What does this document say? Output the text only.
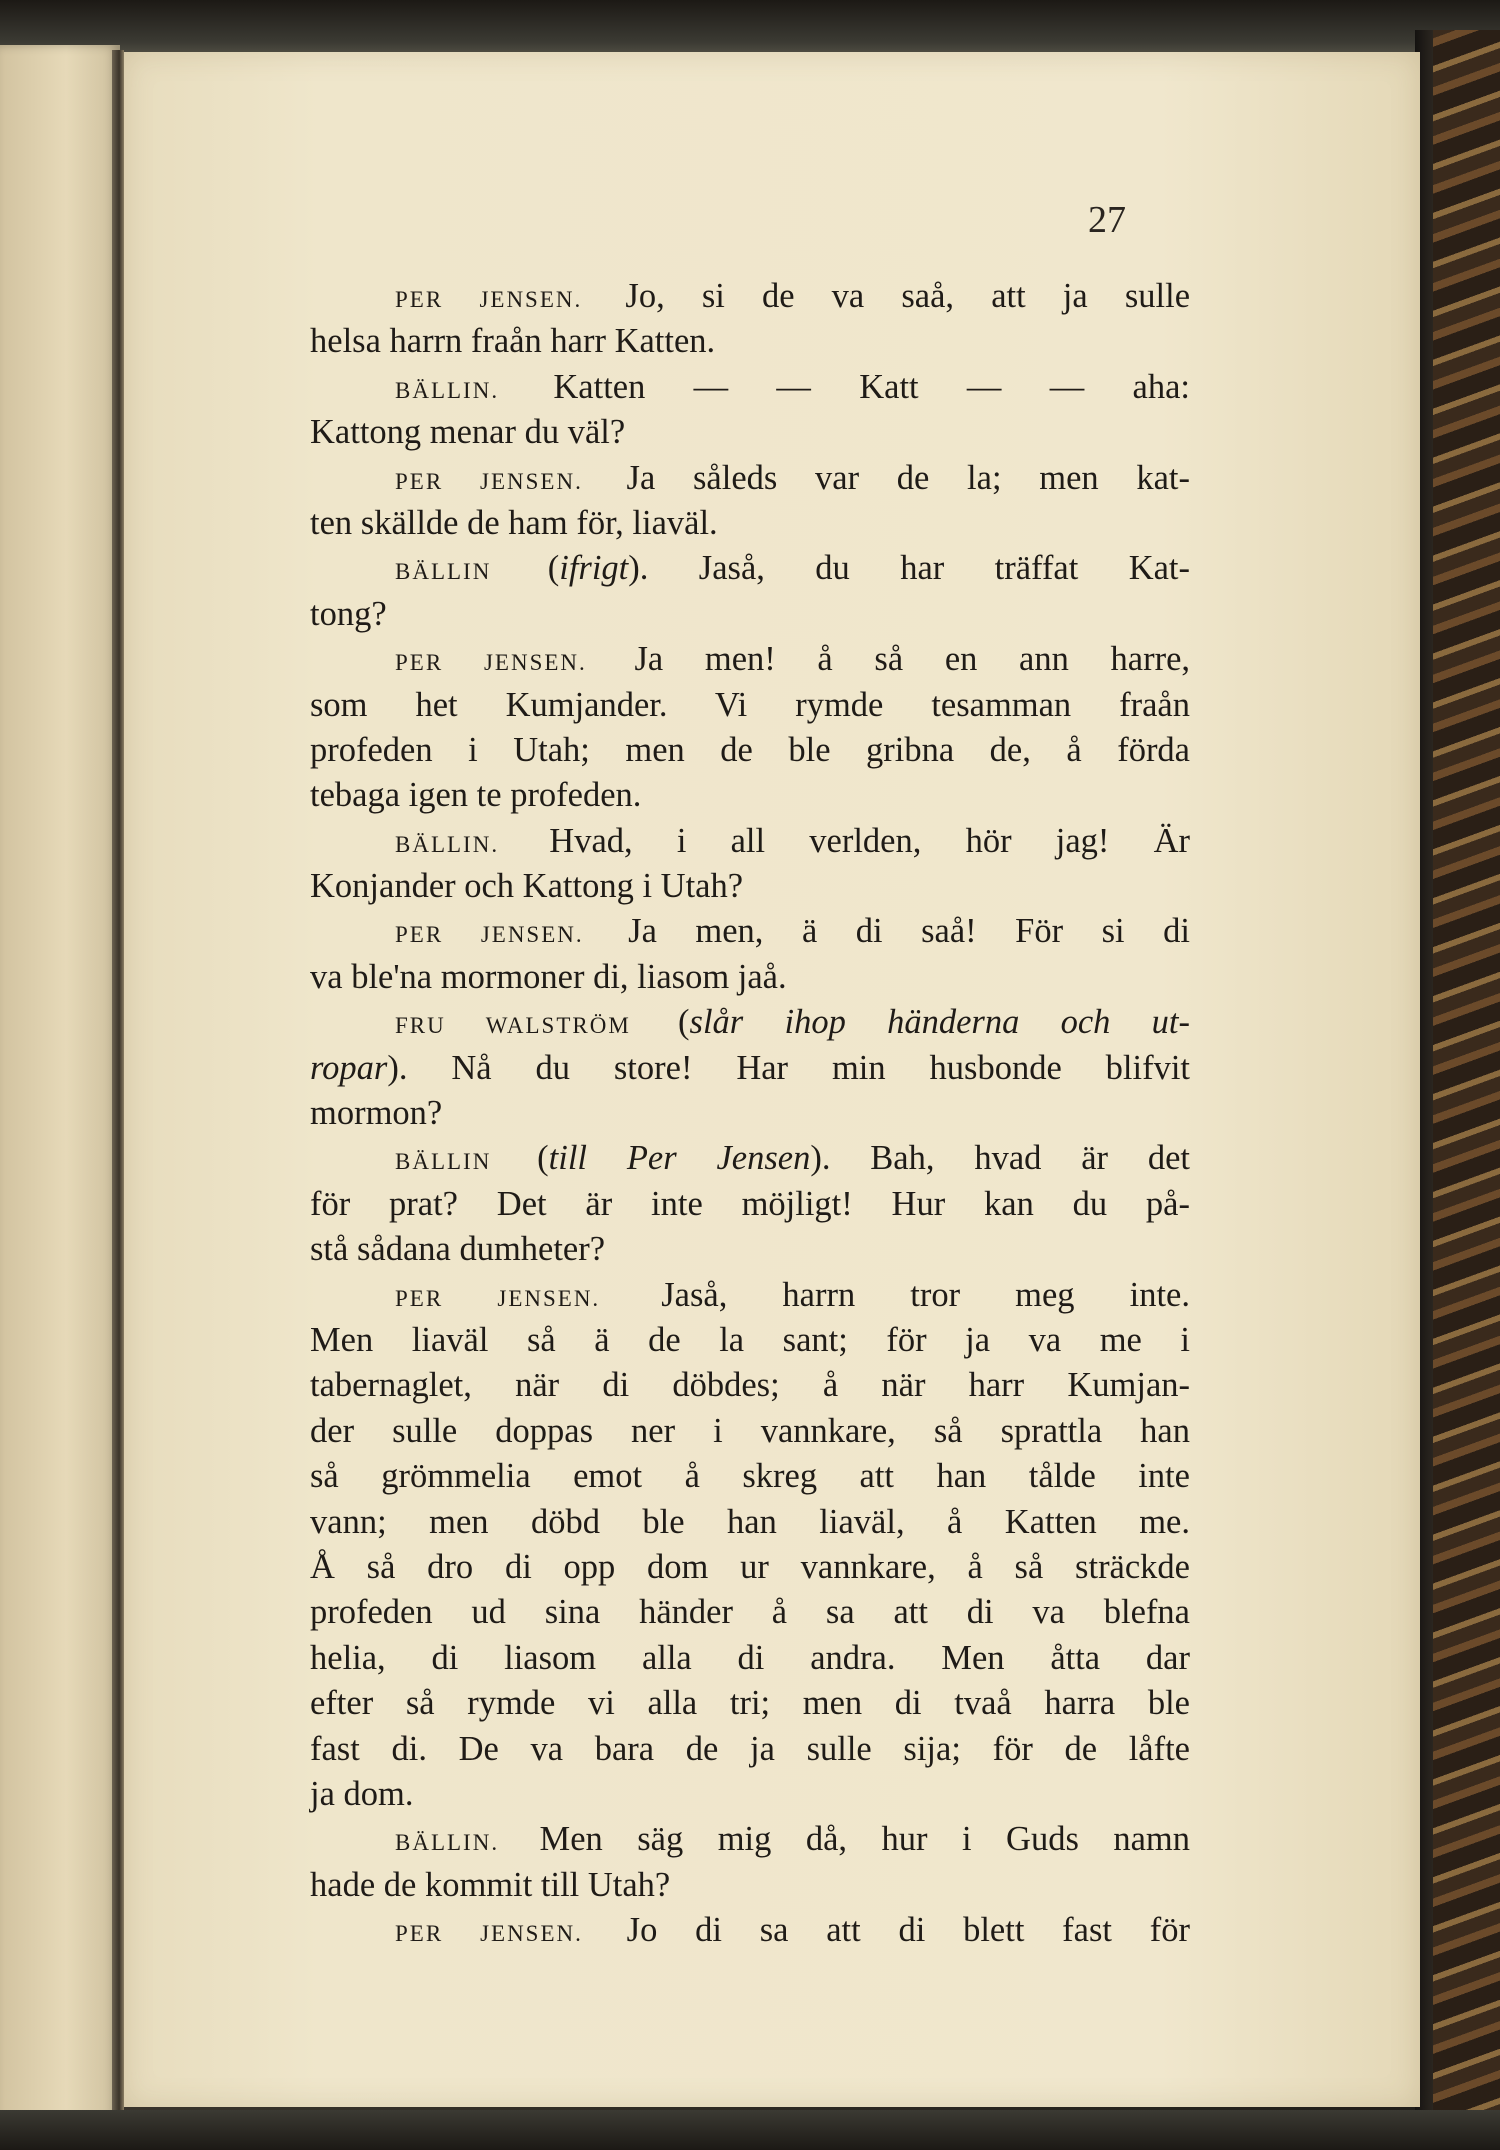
27
PER JENSEN. Jo, si de va saå, att ja sulle
helsa harrn fraån harr Katten.
BÄLLIN. Katten — — Katt — — aha:
Kattong menar du väl?
PER JENSEN. Ja såleds var de la; men kat-
ten skällde de ham för, liaväl.
BÄLLIN (ifrigt). Jaså, du har träffat Kat-
tong?
PER JENSEN. Ja men! å så en ann harre,
som het Kumjander. Vi rymde tesamman fraån
profeden i Utah; men de ble gribna de, å förda
tebaga igen te profeden.
BÄLLIN. Hvad, i all verlden, hör jag! Är
Konjander och Kattong i Utah?
PER JENSEN. Ja men, ä di saå! För si di
va ble'na mormoner di, liasom jaå.
FRU WALSTRÖM (slår ihop händerna och ut-
ropar). Nå du store! Har min husbonde blifvit
mormon?
BÄLLIN (till Per Jensen). Bah, hvad är det
för prat? Det är inte möjligt! Hur kan du på-
stå sådana dumheter?
PER JENSEN. Jaså, harrn tror meg inte.
Men liaväl så ä de la sant; för ja va me i
tabernaglet, när di döbdes; å när harr Kumjan-
der sulle doppas ner i vannkare, så sprattla han
så grömmelia emot å skreg att han tålde inte
vann; men döbd ble han liaväl, å Katten me.
Å så dro di opp dom ur vannkare, å så sträckde
profeden ud sina händer å sa att di va blefna
helia, di liasom alla di andra. Men åtta dar
efter så rymde vi alla tri; men di tvaå harra ble
fast di. De va bara de ja sulle sija; för de låfte
ja dom.
BÄLLIN. Men säg mig då, hur i Guds namn
hade de kommit till Utah?
PER JENSEN. Jo di sa att di blett fast för
